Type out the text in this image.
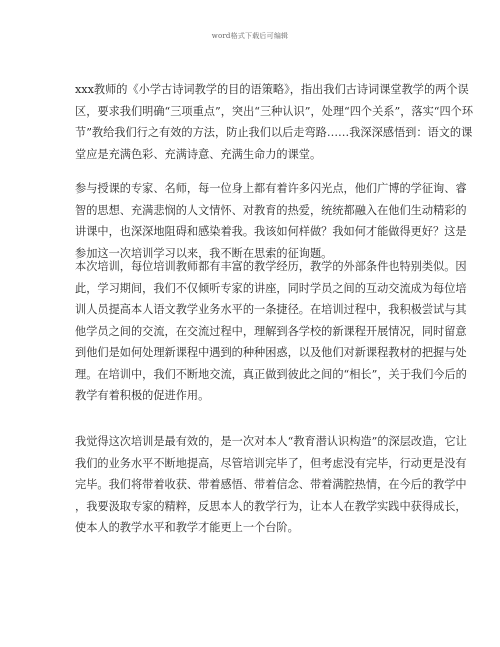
word格式下载后可编辑
xxx教师的《小学古诗词教学的目的语策略》，指出我们古诗词课堂教学的两个误
区，要求我们明确“三项重点”，突出“三种认识”，处理“四个关系”，落实“四个环
节”教给我们行之有效的方法，防止我们以后走弯路……我深深感悟到：语文的课
堂应是充满色彩、充满诗意、充满生命力的课堂。
参与授课的专家、名师，每一位身上都有着许多闪光点，他们广博的学征询、睿
智的思想、充满悲悯的人文情怀、对教育的热爱，统统都融入在他们生动精彩的
讲课中，也深深地阻碍和感染着我。我该如何样做？我如何才能做得更好？这是
参加这一次培训学习以来，我不断在思索的征询题。
本次培训，每位培训教师都有丰富的教学经历，教学的外部条件也特别类似。因
此，学习期间，我们不仅倾听专家的讲座，同时学员之间的互动交流成为每位培
训人员提高本人语文教学业务水平的一条捷径。在培训过程中，我积极尝试与其
他学员之间的交流，在交流过程中，理解到各学校的新课程开展情况，同时留意
到他们是如何处理新课程中遇到的种种困惑，以及他们对新课程教材的把握与处
理。在培训中，我们不断地交流，真正做到彼此之间的“相长”，关于我们今后的
教学有着积极的促进作用。
我觉得这次培训是最有效的，是一次对本人“教育潜认识构造”的深层改造，它让
我们的业务水平不断地提高，尽管培训完毕了，但考虑没有完毕，行动更是没有
完毕。我们将带着收获、带着感悟、带着信念、带着满腔热情，在今后的教学中
，我要汲取专家的精粹，反思本人的教学行为，让本人在教学实践中获得成长，
使本人的教学水平和教学才能更上一个台阶。
